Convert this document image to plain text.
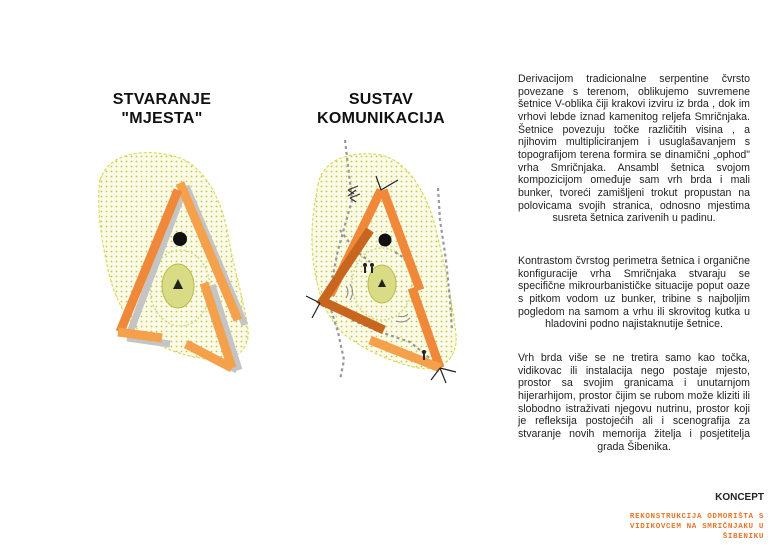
STVARANJE "MJESTA"
SUSTAV KOMUNIKACIJA

Derivacijom tradicionalne serpentine čvrsto povezane s terenom, oblikujemo suvremene šetnice V-oblika čiji krakovi izviru iz brda , dok im vrhovi lebde iznad kamenitog reljefa Smričnjaka. Šetnice povezuju točke različitih visina , a njihovim multipliciranjem i usuglašavanjem s topografijom terena formira se dinamični „ophod" vrha Smričnjaka. Ansambl šetnica svojom kompozicijom omeđuje sam vrh brda i mali bunker, tvoreći zamišljeni trokut propustan na polovicama svojih stranica, odnosno mjestima susreta šetnica zarivenih u padinu.

Kontrastom čvrstog perimetra šetnica i organične konfiguracije vrha Smričnjaka stvaraju se specifične mikrourbanističke situacije poput oaze s pitkom vodom uz bunker, tribine s najboljim pogledom na samom a vrhu ili skrovitog kutka u hladovini podno najistaknutije šetnice.

Vrh brda više se ne tretira samo kao točka, vidikovac ili instalacija nego postaje mjesto, prostor sa svojim granicama i unutarnjom hijerarhijom, prostor čijim se rubom može kliziti ili slobodno istraživati njegovu nutrinu, prostor koji je refleksija postojećih ali i scenografija za stvaranje novih memorija žitelja i posjetitelja grada Šibenika.

KONCEPT
REKONSTRUKCIJA ODMORIŠTA S VIDIKOVCEM NA SMRIČNJAKU U ŠIBENIKU
